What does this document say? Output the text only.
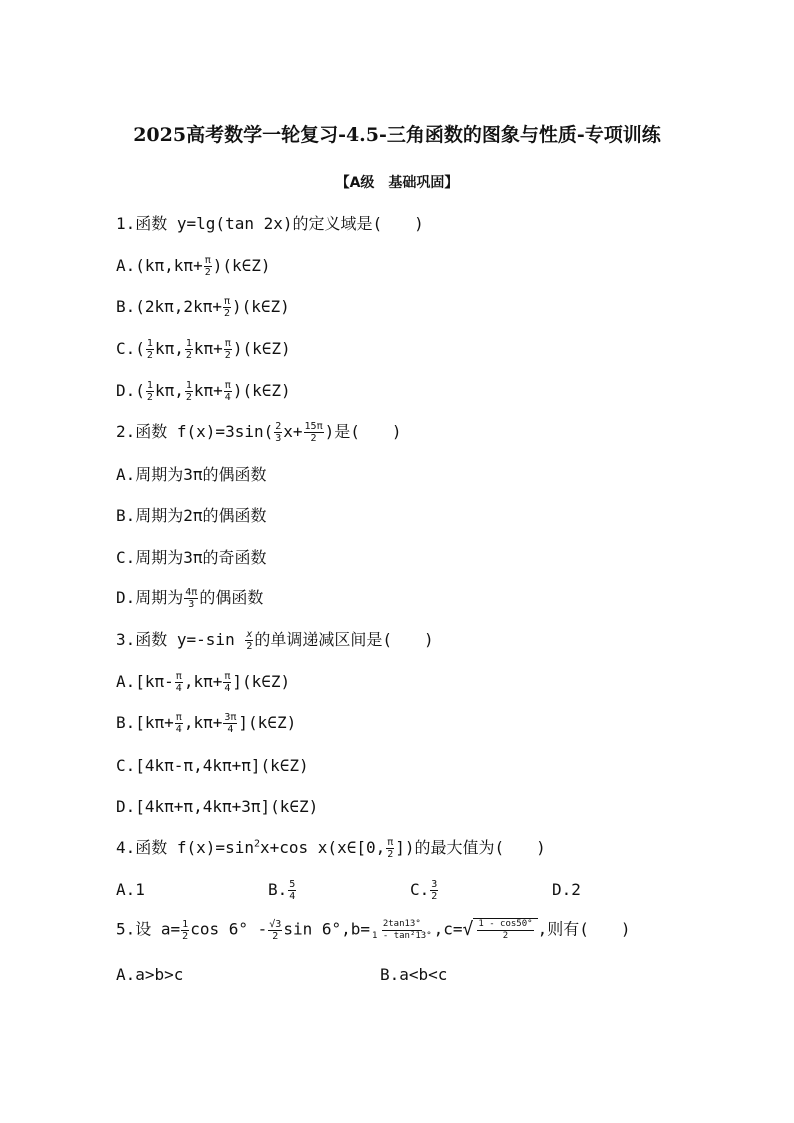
2025高考数学一轮复习-4.5-三角函数的图象与性质-专项训练
【A级　基础巩固】
1.函数 y=lg(tan 2x)的定义域是(　　)
$A.(k\pi,k\pi+ \frac{\pi}{2}$ )(k∈Z)
$B.(2k\pi,2k\pi+ \frac{\pi}{2}$ )(k∈Z)
$C.( \frac{1}{2} k\pi$, $\frac{1}{2} k\pi+ \frac{\pi}{2}$ )(k∈Z)
$D.( \frac{1}{2} k\pi$, $\frac{1}{2} k\pi+ \frac{\pi}{4}$ )(k∈Z)
2.函数 $f(x)=3\sin( \frac{2}{3} x+ \frac{15\pi}{2}$ )是(　　)
A.周期为3π的偶函数
B.周期为2π的偶函数
C.周期为3π的奇函数
D.周期为 $\frac{4\pi}{3}$ 的偶函数
3.函数 $y=-\sin \frac{x}{2}$ 的单调递减区间是(　　)
$A.[k\pi- \frac{\pi}{4} ,k\pi+ \frac{\pi}{4}$ ](k∈Z)
$B.[k\pi+ \frac{\pi}{4} ,k\pi+ \frac{3\pi}{4}$ ](k∈Z)
C.[4kπ-π,4kπ+π](k∈Z)
D.[4kπ+π,4kπ+3π](k∈Z)
4.函数 $f(x)=\sin^2x+\cos$ x(x∈[0, $\frac{\pi}{2}$ ])的最大值为(　　)
A.1	B. $\frac{5}{4}$	C. $\frac{3}{2}$	D.2
5.设 $a= \frac{1}{2}$ $\cos 6^\circ - \frac{√3}{2}$ $\sin 6^\circ,b= \frac{2\tan 13^\circ}{\text{1 - tan²13°}} ,c=$ √ $\frac{1 - \cos 50^\circ}{2}$ ,则有(　　)
A.a>b>c	B.a<b<c
